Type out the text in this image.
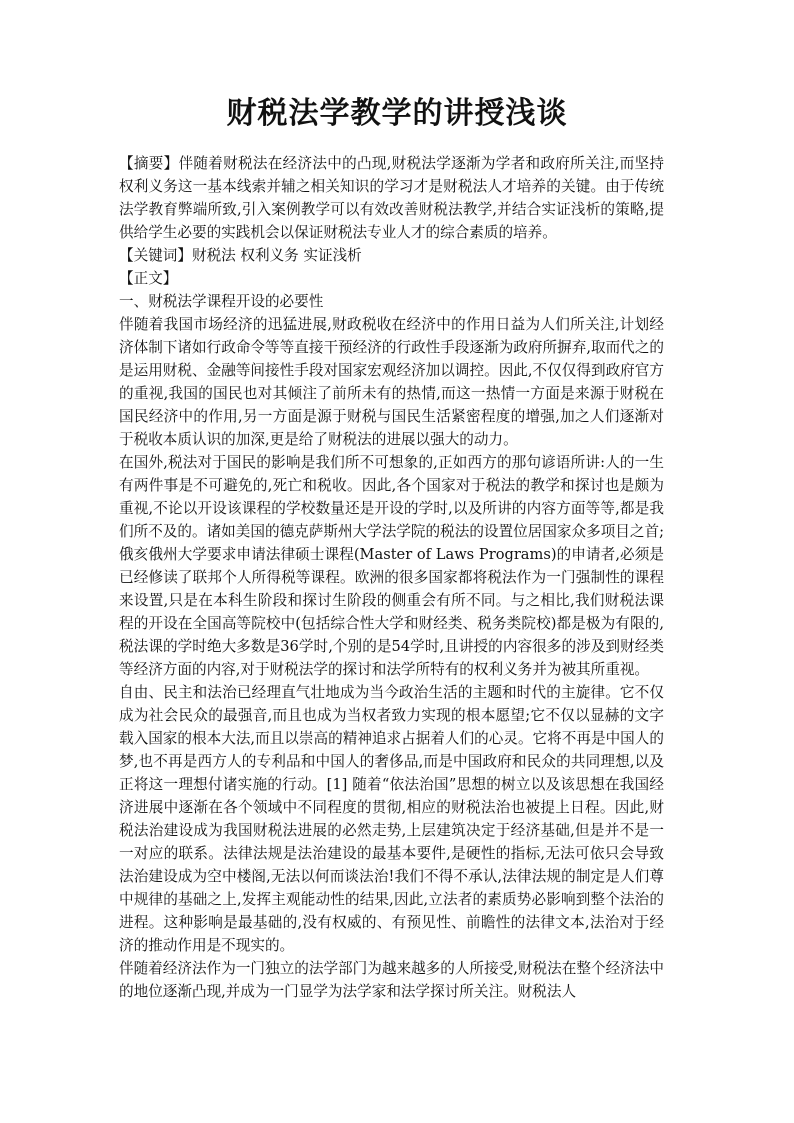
财税法学教学的讲授浅谈

【摘要】伴随着财税法在经济法中的凸现,财税法学逐渐为学者和政府所关注,而坚持权利义务这一基本线索并辅之相关知识的学习才是财税法人才培养的关键。由于传统法学教育弊端所致,引入案例教学可以有效改善财税法教学,并结合实证浅析的策略,提供给学生必要的实践机会以保证财税法专业人才的综合素质的培养。

【关键词】财税法 权利义务 实证浅析

【正文】

一、财税法学课程开设的必要性

伴随着我国市场经济的迅猛进展,财政税收在经济中的作用日益为人们所关注,计划经济体制下诸如行政命令等等直接干预经济的行政性手段逐渐为政府所摒弃,取而代之的是运用财税、金融等间接性手段对国家宏观经济加以调控。因此,不仅仅得到政府官方的重视,我国的国民也对其倾注了前所未有的热情,而这一热情一方面是来源于财税在国民经济中的作用,另一方面是源于财税与国民生活紧密程度的增强,加之人们逐渐对于税收本质认识的加深,更是给了财税法的进展以强大的动力。

在国外,税法对于国民的影响是我们所不可想象的,正如西方的那句谚语所讲:人的一生有两件事是不可避免的,死亡和税收。因此,各个国家对于税法的教学和探讨也是颇为重视,不论以开设该课程的学校数量还是开设的学时,以及所讲的内容方面等等,都是我们所不及的。诸如美国的德克萨斯州大学法学院的税法的设置位居国家众多项目之首;俄亥俄州大学要求申请法律硕士课程(Master of Laws Programs)的申请者,必须是已经修读了联邦个人所得税等课程。欧洲的很多国家都将税法作为一门强制性的课程来设置,只是在本科生阶段和探讨生阶段的侧重会有所不同。与之相比,我们财税法课程的开设在全国高等院校中(包括综合性大学和财经类、税务类院校)都是极为有限的,税法课的学时绝大多数是36学时,个别的是54学时,且讲授的内容很多的涉及到财经类等经济方面的内容,对于财税法学的探讨和法学所特有的权利义务并为被其所重视。

自由、民主和法治已经理直气壮地成为当今政治生活的主题和时代的主旋律。它不仅成为社会民众的最强音,而且也成为当权者致力实现的根本愿望;它不仅以显赫的文字载入国家的根本大法,而且以崇高的精神追求占据着人们的心灵。它将不再是中国人的梦,也不再是西方人的专利品和中国人的奢侈品,而是中国政府和民众的共同理想,以及正将这一理想付诸实施的行动。[1] 随着“依法治国”思想的树立以及该思想在我国经济进展中逐渐在各个领域中不同程度的贯彻,相应的财税法治也被提上日程。因此,财税法治建设成为我国财税法进展的必然走势,上层建筑决定于经济基础,但是并不是一一对应的联系。法律法规是法治建设的最基本要件,是硬性的指标,无法可依只会导致法治建设成为空中楼阁,无法以何而谈法治!我们不得不承认,法律法规的制定是人们尊中规律的基础之上,发挥主观能动性的结果,因此,立法者的素质势必影响到整个法治的进程。这种影响是最基础的,没有权威的、有预见性、前瞻性的法律文本,法治对于经济的推动作用是不现实的。

伴随着经济法作为一门独立的法学部门为越来越多的人所接受,财税法在整个经济法中的地位逐渐凸现,并成为一门显学为法学家和法学探讨所关注。财税法人
